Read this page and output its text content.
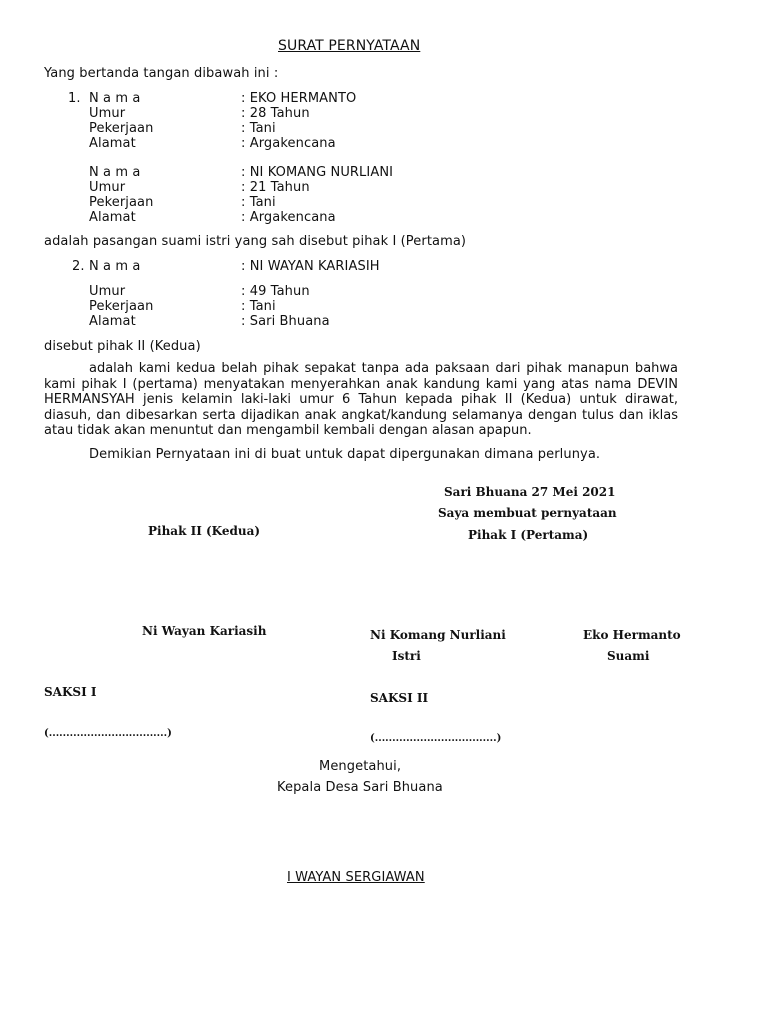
SURAT PERNYATAAN
Yang bertanda tangan dibawah ini :
1. N a m a	: EKO HERMANTO
Umur	: 28 Tahun
Pekerjaan	: Tani
Alamat	: Argakencana
N a m a	: NI KOMANG NURLIANI
Umur	: 21 Tahun
Pekerjaan	: Tani
Alamat	: Argakencana
adalah pasangan suami istri yang sah disebut pihak I (Pertama)
2. N a m a	: NI WAYAN KARIASIH
Umur	: 49 Tahun
Pekerjaan	: Tani
Alamat	: Sari Bhuana
disebut pihak II (Kedua)
adalah kami kedua belah pihak sepakat tanpa ada paksaan dari pihak manapun bahwa kami pihak I (pertama) menyatakan menyerahkan anak kandung kami yang atas nama DEVIN HERMANSYAH jenis kelamin laki-laki umur 6 Tahun kepada pihak II (Kedua) untuk dirawat, diasuh, dan dibesarkan serta dijadikan anak angkat/kandung selamanya dengan tulus dan iklas atau tidak akan menuntut dan mengambil kembali dengan alasan apapun.
Demikian Pernyataan ini di buat untuk dapat dipergunakan dimana perlunya.
Sari Bhuana 27 Mei 2021
Saya membuat pernyataan
Pihak I (Pertama)
Pihak II (Kedua)
Ni Wayan Kariasih	Ni Komang Nurliani
Istri
Eko Hermanto
Suami
SAKSI I
(..................................)
SAKSI II
(...................................)
Mengetahui,
Kepala Desa Sari Bhuana
I WAYAN SERGIAWAN
